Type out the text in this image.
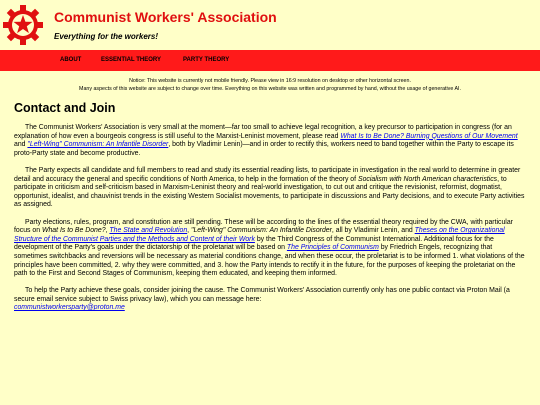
Communist Workers' Association
Everything for the workers!
ABOUT	ESSENTIAL THEORY	PARTY THEORY
Notice: This website is currently not mobile friendly. Please view in 16:9 resolution on desktop or other horizontal screen.
Many aspects of this website are subject to change over time. Everything on this website was written and programmed by hand, without the usage of generative AI.
Contact and Join

The Communist Workers' Association is very small at the moment—far too small to achieve legal recognition, a key precursor to participation in congress (for an explanation of how even a bourgeois congress is still useful to the Marxist-Leninist movement, please read What Is to Be Done? Burning Questions of Our Movement and "Left-Wing" Communism: An Infantile Disorder, both by Vladimir Lenin)—and in order to rectify this, workers need to band together within the Party to escape its proto-Party state and become productive.

The Party expects all candidate and full members to read and study its essential reading lists, to participate in investigation in the real world to determine in greater detail and accuracy the general and specific conditions of North America, to help in the formation of the theory of Socialism with North American characteristics, to participate in criticism and self-criticism based in Marxism-Leninist theory and real-world investigation, to cut out and critique the revisionist, reformist, dogmatist, opportunist, idealist, and chauvinist trends in the existing Western Socialist movements, to participate in discussions and Party decisions, and to execute Party activities as assigned.

Party elections, rules, program, and constitution are still pending. These will be according to the lines of the essential theory required by the CWA, with particular focus on What Is to Be Done?, The State and Revolution, "Left-Wing" Communism: An Infantile Disorder, all by Vladimir Lenin, and Theses on the Organizational Structure of the Communist Parties and the Methods and Content of their Work by the Third Congress of the Communist International. Additional focus for the development of the Party's goals under the dictatorship of the proletariat will be based on The Principles of Communism by Friedrich Engels, recognizing that sometimes switchbacks and reversions will be necessary as material conditions change, and when these occur, the proletariat is to be informed 1. what violations of the principles have been committed, 2. why they were committed, and 3. how the Party intends to rectify it in the future, for the purposes of keeping the proletariat on the path to the First and Second Stages of Communism, keeping them educated, and keeping them informed.

To help the Party achieve these goals, consider joining the cause. The Communist Workers' Association currently only has one public contact via Proton Mail (a secure email service subject to Swiss privacy law), which you can message here:
communistworkersparty@proton.me
